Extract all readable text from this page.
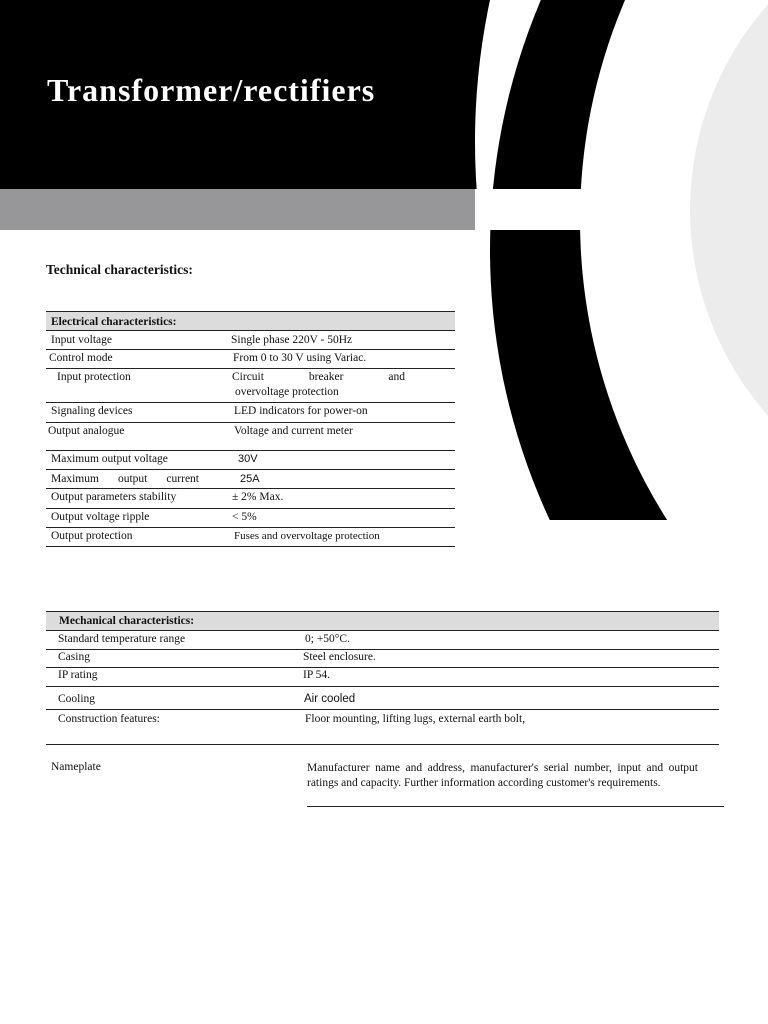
Transformer/rectifiers
Technical characteristics:
Electrical characteristics:
Input voltage	Single phase 220V - 50Hz
Control mode	From 0 to 30 V using Variac.
Input protection	Circuit breaker and
overvoltage protection
Signaling devices	LED indicators for power-on
Output analogue	Voltage and current meter
Maximum output voltage	30V
Maximum output current	25A
Output parameters stability	± 2% Max.
Output voltage ripple	< 5%
Output protection	Fuses and overvoltage protection
Mechanical characteristics:
Standard temperature range	0; +50°C.
Casing	Steel enclosure.
IP rating	IP 54.
Cooling	Air cooled
Construction features:	Floor mounting, lifting lugs, external earth bolt,
Nameplate	Manufacturer name and address, manufacturer's serial number, input and output ratings and capacity. Further information according customer's requirements.
